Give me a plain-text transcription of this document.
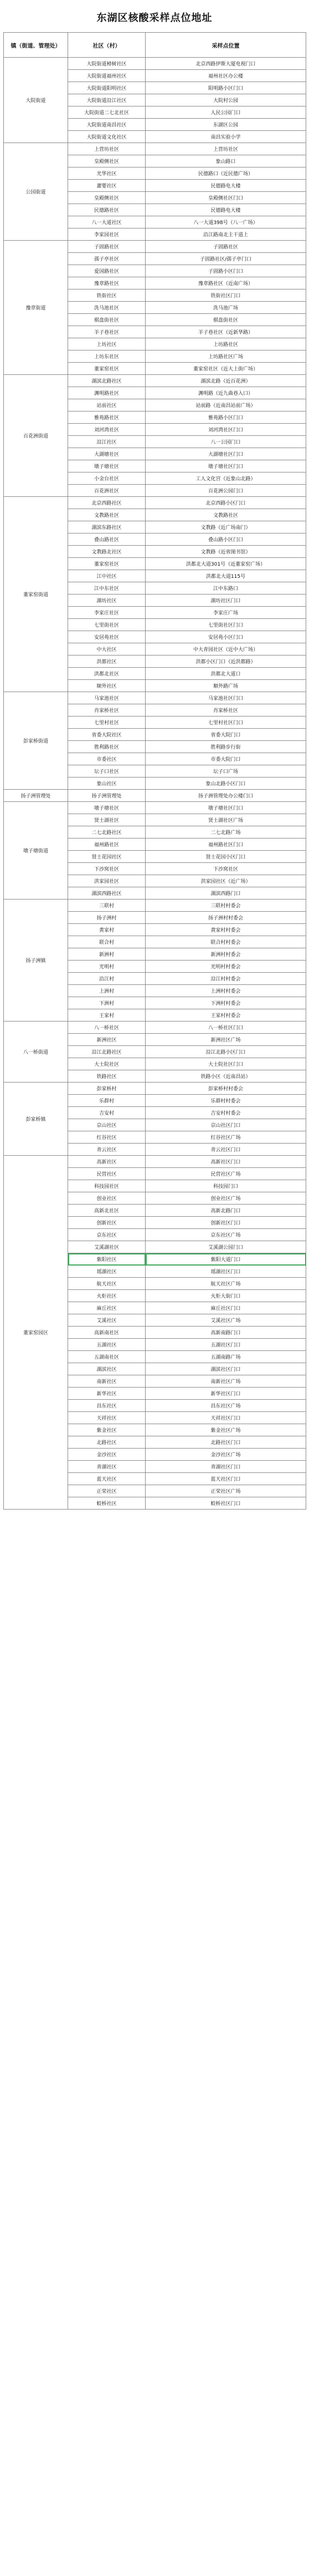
东湖区核酸采样点位地址
镇（街道、管理处）	社区（村）	采样点位置
大院街道	大院街道樟树社区	北京西路伊斯大厦电视门口
	大院街道福州社区	福州社区办公楼
	大院街道阳明社区	阳明路小区门口
	大院街道沿江社区	大院村公园
	大院街道二七北社区	人民公园门口
	大院街道南昌社区	东湖区公园
	大院街道文化社区	南昌实验小学
公园街道	上营坊社区	上营坊社区
	皇殿侧社区	象山路口
	光华社区	民德路口（近民德广场）
	灌婴社区	民德路电大楼
	皇殿侧社区	皇殿侧社区门口
	民德路社区	民德路电大楼
	八一大道社区	八一大道398号（八一广场）
	李家园社区	沿江路南北主干道上
豫章街道	子固路社区	子固路社区
	孺子亭社区	子固路社区/孺子亭门口
	爱国路社区	子固路小区门口
	豫章路社区	豫章路社区（近南广场）
	铁街社区	铁街社区门口
	洗马池社区	洗马池广场
	棋盘街社区	棋盘街社区
	羊子巷社区	羊子巷社区（近新华路）
	上坊社区	上坊路社区
	上坊东社区	上坊路社区广场
	董家窑社区	董家窑社区（近大上街广场）
百花洲街道	湖滨北路社区	湖滨北路（近百花洲）
	渊明路社区	渊明路（近九曲巷入口）
	站前社区	站前路（近南昌站前广场）
	雅苑路社区	雅苑路小区门口
	刘河湾社区	刘河湾社区门口
	沿江社区	八一公园门口
	大湖塘社区	大湖塘社区门口
	墩子塘社区	墩子塘社区门口
	小金台社区	工人文化宫（近象山北路）
	百花洲社区	百花洲公园门口
董家窑街道	北京西路社区	北京西路小区门口
	文教路社区	文教路社区
	湖滨东路社区	文教路（近广场南门）
	叠山路社区	叠山路小区门口
	文教路北社区	文教路（近省图书馆）
	董家窑社区	洪都北大道301号（近董家窑广场）
	江中社区	洪都北大道115号
	江中东社区	江中东路口
	湖坊社区	湖坊社区门口
	李家庄社区	李家庄广场
	七里街社区	七里街社区门口
	安居苑社区	安居苑小区门口
	中大社区	中大青园社区（近中大广场）
	洪都社区	洪都小区门口（近洪都路）
	洪都北社区	洪都北大道口
	顺外社区	顺外路广场
彭家桥街道	马家池社区	马家池社区门口
	肖家桥社区	肖家桥社区
	七里村社区	七里村社区门口
	省委大院社区	省委大院门口
	胜利路社区	胜利路步行街
	市委社区	市委大院门口
	坛子口社区	坛子口广场
	象山社区	象山北路小区门口
扬子洲管理处	扬子洲管理处	扬子洲管理处办公楼门口
墩子塘街道	墩子塘社区	墩子塘社区门口
	贤士湖社区	贤士湖社区广场
	二七北路社区	二七北路广场
	福州路社区	福州路社区门口
	贤士花园社区	贤士花园小区门口
	下沙窝社区	下沙窝社区
	洪家园社区	洪家园社区（近广场）
	湖滨西路社区	湖滨西路门口
扬子洲镇	三联村	三联村村委会
	扬子洲村	扬子洲村村委会
	黄家村	黄家村村委会
	联合村	联合村村委会
	新洲村	新洲村村委会
	光明村	光明村村委会
	沿江村	沿江村村委会
	上洲村	上洲村村委会
	下洲村	下洲村村委会
	王家村	王家村村委会
八一桥街道	八一桥社区	八一桥社区门口
	新洲社区	新洲社区广场
	沿江北路社区	沿江北路小区门口
	大士院社区	大士院社区门口
	铁路社区	铁路小区（近南昌站）
彭家桥镇	彭家桥村	彭家桥村村委会
	乐群村	乐群村村委会
	吉安村	吉安村村委会
	京山社区	京山社区门口
	红谷社区	红谷社区广场
	青云社区	青云社区门口
董家窑园区	高新社区	高新社区门口
	民营社区	民营社区广场
	科技园社区	科技园门口
	创业社区	创业社区广场
	高新北社区	高新北路门口
	创新社区	创新社区门口
	京东社区	京东社区广场
	艾溪湖社区	艾溪湖公园门口
	紫阳社区	紫阳大道门口
	瑶湖社区	瑶湖社区门口
	航天社区	航天社区广场
	火炬社区	火炬大街门口
	麻丘社区	麻丘社区门口
	艾溪社区	艾溪社区广场
	高新南社区	高新南路门口
	五湖社区	五湖社区门口
	五湖南社区	五湖南路广场
	湖滨社区	湖滨社区门口
	南新社区	南新社区广场
	新华社区	新华社区门口
	昌东社区	昌东社区广场
	天祥社区	天祥社区门口
	紫金社区	紫金社区广场
	北路社区	北路社区门口
	金沙社区	金沙社区广场
	青湖社区	青湖社区门口
	蓝天社区	蓝天社区门口
	正荣社区	正荣社区广场
	蛟桥社区	蛟桥社区门口
